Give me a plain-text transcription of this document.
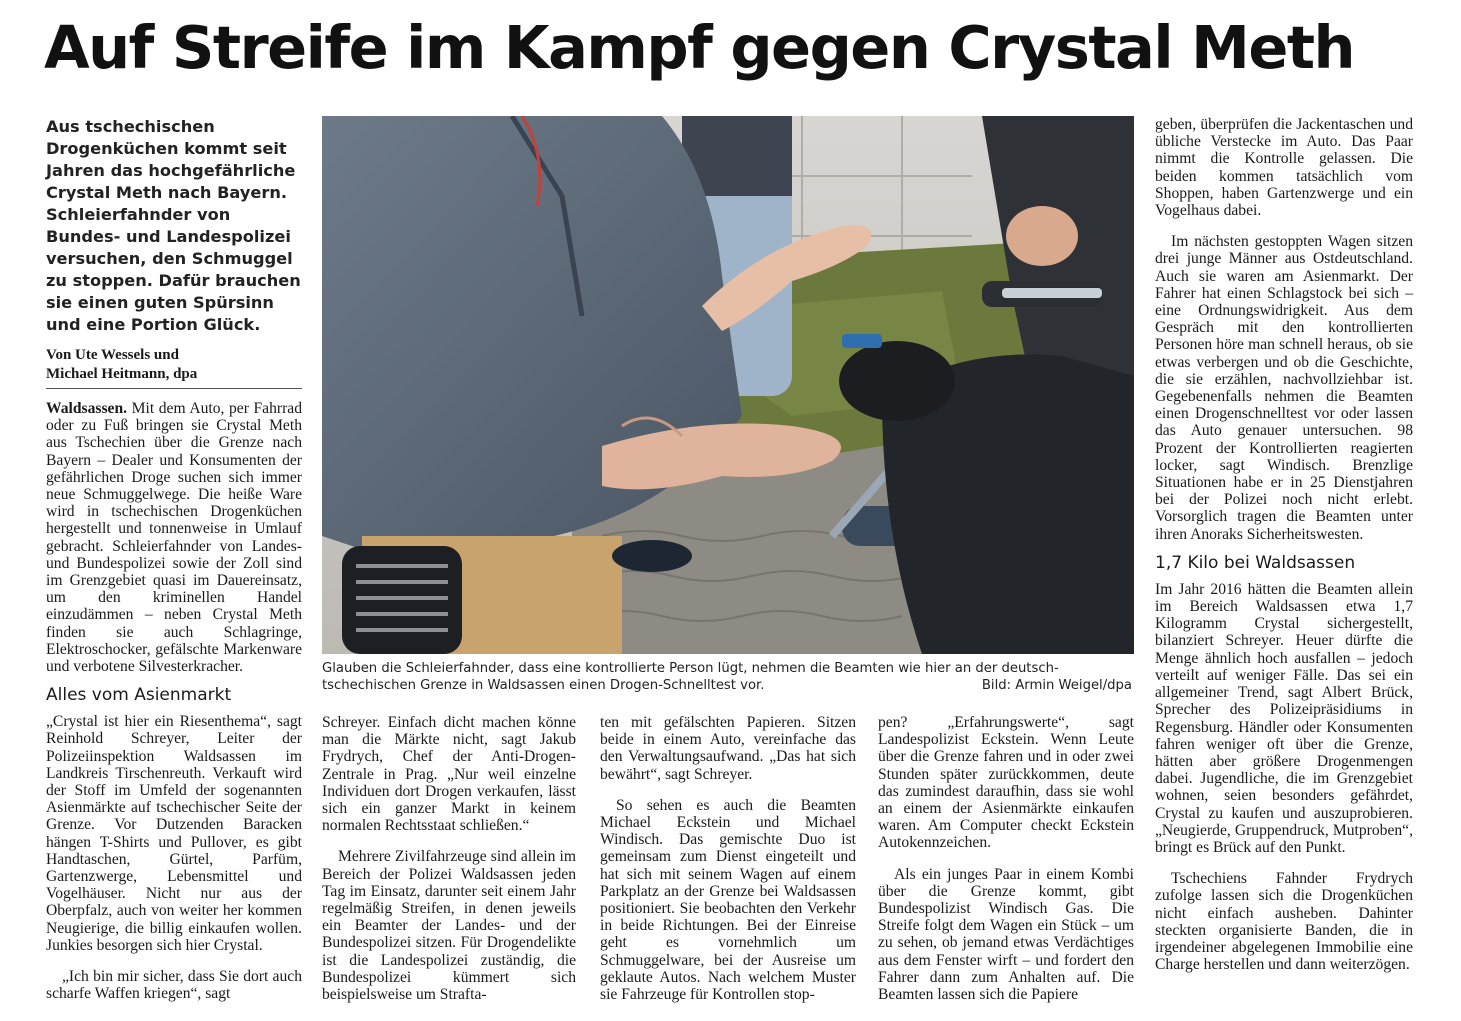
Auf Streife im Kampf gegen Crystal Meth
Aus tschechischen Drogenküchen kommt seit Jahren das hochgefährliche Crystal Meth nach Bayern. Schleierfahnder von Bundes- und Landespolizei versuchen, den Schmuggel zu stoppen. Dafür brauchen sie einen guten Spürsinn und eine Portion Glück.
Von Ute Wessels und
Michael Heitmann, dpa

Waldsassen. Mit dem Auto, per Fahrrad oder zu Fuß bringen sie Crystal Meth aus Tschechien über die Grenze nach Bayern – Dealer und Konsumenten der gefährlichen Droge suchen sich immer neue Schmuggelwege. Die heiße Ware wird in tschechischen Drogenküchen hergestellt und tonnenweise in Umlauf gebracht. Schleierfahnder von Landes- und Bundespolizei sowie der Zoll sind im Grenzgebiet quasi im Dauereinsatz, um den kriminellen Handel einzudämmen – neben Crystal Meth finden sie auch Schlagringe, Elektroschocker, gefälschte Markenware und verbotene Silvesterkracher.

Alles vom Asienmarkt

„Crystal ist hier ein Riesenthema“, sagt Reinhold Schreyer, Leiter der Polizeiinspektion Waldsassen im Landkreis Tirschenreuth. Verkauft wird der Stoff im Umfeld der sogenannten Asienmärkte auf tschechischer Seite der Grenze. Vor Dutzenden Baracken hängen T-Shirts und Pullover, es gibt Handtaschen, Gürtel, Parfüm, Gartenzwerge, Lebensmittel und Vogelhäuser. Nicht nur aus der Oberpfalz, auch von weiter her kommen Neugierige, die billig einkaufen wollen. Junkies besorgen sich hier Crystal.

„Ich bin mir sicher, dass Sie dort auch scharfe Waffen kriegen“, sagt

Glauben die Schleierfahnder, dass eine kontrollierte Person lügt, nehmen die Beamten wie hier an der deutsch-tschechischen Grenze in Waldsassen einen Drogen-Schnelltest vor.	Bild: Armin Weigel/dpa

Schreyer. Einfach dicht machen könne man die Märkte nicht, sagt Jakub Frydrych, Chef der Anti-Drogen-Zentrale in Prag. „Nur weil einzelne Individuen dort Drogen verkaufen, lässt sich ein ganzer Markt in keinem normalen Rechtsstaat schließen.“

Mehrere Zivilfahrzeuge sind allein im Bereich der Polizei Waldsassen jeden Tag im Einsatz, darunter seit einem Jahr regelmäßig Streifen, in denen jeweils ein Beamter der Landes- und der Bundespolizei sitzen. Für Drogendelikte ist die Landespolizei zuständig, die Bundespolizei kümmert sich beispielsweise um Strafta-

ten mit gefälschten Papieren. Sitzen beide in einem Auto, vereinfache das den Verwaltungsaufwand. „Das hat sich bewährt“, sagt Schreyer.

So sehen es auch die Beamten Michael Eckstein und Michael Windisch. Das gemischte Duo ist gemeinsam zum Dienst eingeteilt und hat sich mit seinem Wagen auf einem Parkplatz an der Grenze bei Waldsassen positioniert. Sie beobachten den Verkehr in beide Richtungen. Bei der Einreise geht es vornehmlich um Schmuggelware, bei der Ausreise um geklaute Autos. Nach welchem Muster sie Fahrzeuge für Kontrollen stop-

pen? „Erfahrungswerte“, sagt Landespolizist Eckstein. Wenn Leute über die Grenze fahren und in oder zwei Stunden später zurückkommen, deute das zumindest daraufhin, dass sie wohl an einem der Asienmärkte einkaufen waren. Am Computer checkt Eckstein Autokennzeichen.

Als ein junges Paar in einem Kombi über die Grenze kommt, gibt Bundespolizist Windisch Gas. Die Streife folgt dem Wagen ein Stück – um zu sehen, ob jemand etwas Verdächtiges aus dem Fenster wirft – und fordert den Fahrer dann zum Anhalten auf. Die Beamten lassen sich die Papiere

geben, überprüfen die Jackentaschen und übliche Verstecke im Auto. Das Paar nimmt die Kontrolle gelassen. Die beiden kommen tatsächlich vom Shoppen, haben Gartenzwerge und ein Vogelhaus dabei.

Im nächsten gestoppten Wagen sitzen drei junge Männer aus Ostdeutschland. Auch sie waren am Asienmarkt. Der Fahrer hat einen Schlagstock bei sich – eine Ordnungswidrigkeit. Aus dem Gespräch mit den kontrollierten Personen höre man schnell heraus, ob sie etwas verbergen und ob die Geschichte, die sie erzählen, nachvollziehbar ist. Gegebenenfalls nehmen die Beamten einen Drogenschnelltest vor oder lassen das Auto genauer untersuchen. 98 Prozent der Kontrollierten reagierten locker, sagt Windisch. Brenzlige Situationen habe er in 25 Dienstjahren bei der Polizei noch nicht erlebt. Vorsorglich tragen die Beamten unter ihren Anoraks Sicherheitswesten.

1,7 Kilo bei Waldsassen

Im Jahr 2016 hätten die Beamten allein im Bereich Waldsassen etwa 1,7 Kilogramm Crystal sichergestellt, bilanziert Schreyer. Heuer dürfte die Menge ähnlich hoch ausfallen – jedoch verteilt auf weniger Fälle. Das sei ein allgemeiner Trend, sagt Albert Brück, Sprecher des Polizeipräsidiums in Regensburg. Händler oder Konsumenten fahren weniger oft über die Grenze, hätten aber größere Drogenmengen dabei. Jugendliche, die im Grenzgebiet wohnen, seien besonders gefährdet, Crystal zu kaufen und auszuprobieren. „Neugierde, Gruppendruck, Mutproben“, bringt es Brück auf den Punkt.

Tschechiens Fahnder Frydrych zufolge lassen sich die Drogenküchen nicht einfach ausheben. Dahinter steckten organisierte Banden, die in irgendeiner abgelegenen Immobilie eine Charge herstellen und dann weiterzögen.
